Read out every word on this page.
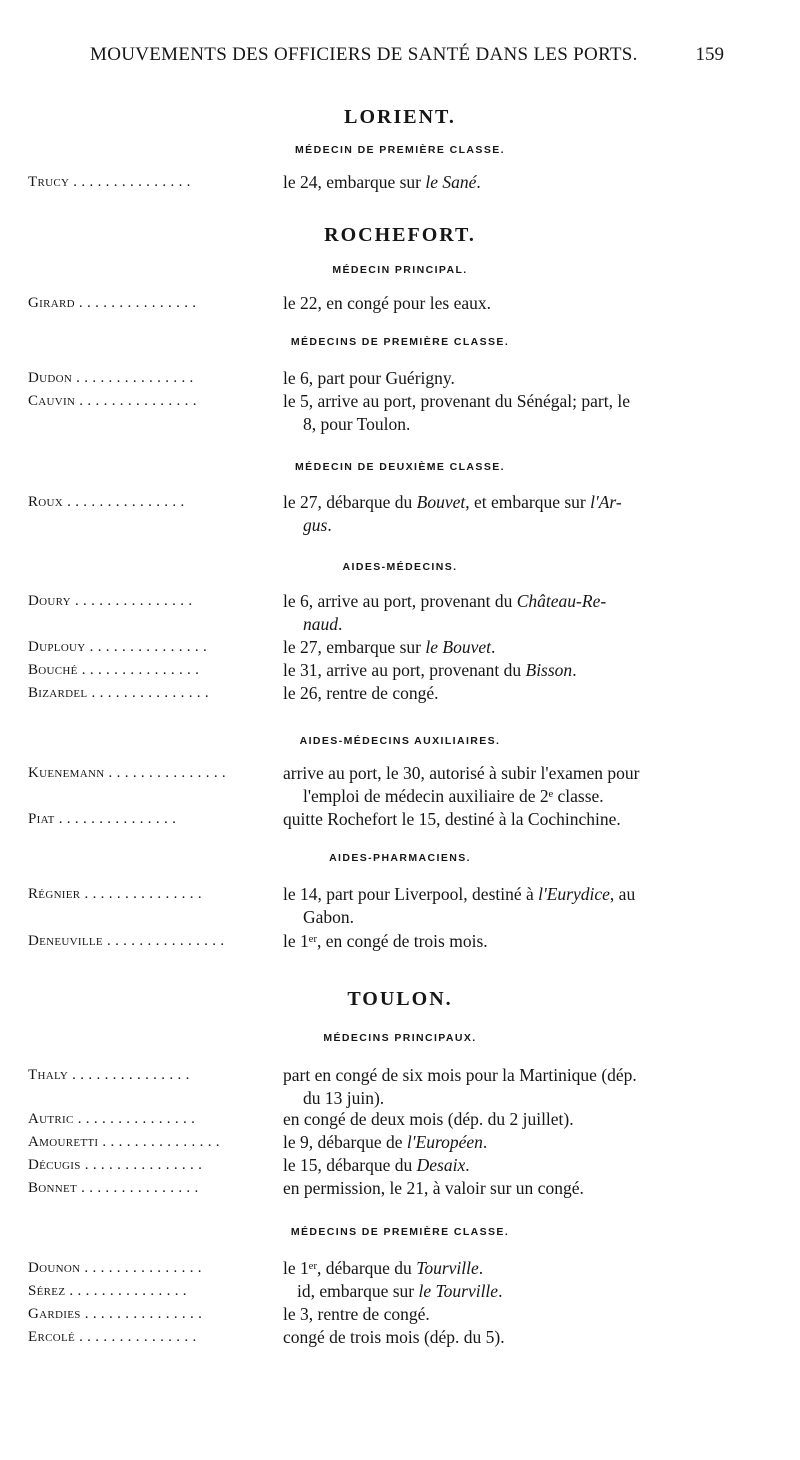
MOUVEMENTS DES OFFICIERS DE SANTÉ DANS LES PORTS.	159
LORIENT.
MÉDECIN DE PREMIÈRE CLASSE.
Trucy . . . . . . . . . . . . . . .	le 24, embarque sur le Sané.
ROCHEFORT.
MÉDECIN PRINCIPAL.
Girard . . . . . . . . . . . . . . .	le 22, en congé pour les eaux.
MÉDECINS DE PREMIÈRE CLASSE.
Dudon . . . . . . . . . . . . . . .	le 6, part pour Guérigny.
Cauvin . . . . . . . . . . . . . . .	le 5, arrive au port, provenant du Sénégal; part, le
8, pour Toulon.
MÉDECIN DE DEUXIÈME CLASSE.
Roux . . . . . . . . . . . . . . .	le 27, débarque du Bouvet, et embarque sur l'Ar-
gus.
AIDES-MÉDECINS.
Doury . . . . . . . . . . . . . . .	le 6, arrive au port, provenant du Château-Re-
naud.
Duplouy . . . . . . . . . . . . . . .	le 27, embarque sur le Bouvet.
Bouché . . . . . . . . . . . . . . .	le 31, arrive au port, provenant du Bisson.
Bizardel . . . . . . . . . . . . . . .	le 26, rentre de congé.
AIDES-MÉDECINS AUXILIAIRES.
Kuenemann . . . . . . . . . . . . . . .	arrive au port, le 30, autorisé à subir l'examen pour
l'emploi de médecin auxiliaire de 2ᵉ classe.
Piat . . . . . . . . . . . . . . .	quitte Rochefort le 15, destiné à la Cochinchine.
AIDES-PHARMACIENS.
Régnier . . . . . . . . . . . . . . .	le 14, part pour Liverpool, destiné à l'Eurydice, au
Gabon.
Deneuville . . . . . . . . . . . . . . .	le 1ᵉʳ, en congé de trois mois.
TOULON.
MÉDECINS PRINCIPAUX.
Thaly . . . . . . . . . . . . . . .	part en congé de six mois pour la Martinique (dép.
du 13 juin).
Autric . . . . . . . . . . . . . . .	en congé de deux mois (dép. du 2 juillet).
Amouretti . . . . . . . . . . . . . . .	le 9, débarque de l'Européen.
Décugis . . . . . . . . . . . . . . .	le 15, débarque du Desaix.
Bonnet . . . . . . . . . . . . . . .	en permission, le 21, à valoir sur un congé.
MÉDECINS DE PREMIÈRE CLASSE.
Dounon . . . . . . . . . . . . . . .	le 1ᵉʳ, débarque du Tourville.
Sérez . . . . . . . . . . . . . . .	id, embarque sur le Tourville.
Gardies . . . . . . . . . . . . . . .	le 3, rentre de congé.
Ercolé . . . . . . . . . . . . . . .	congé de trois mois (dép. du 5).
